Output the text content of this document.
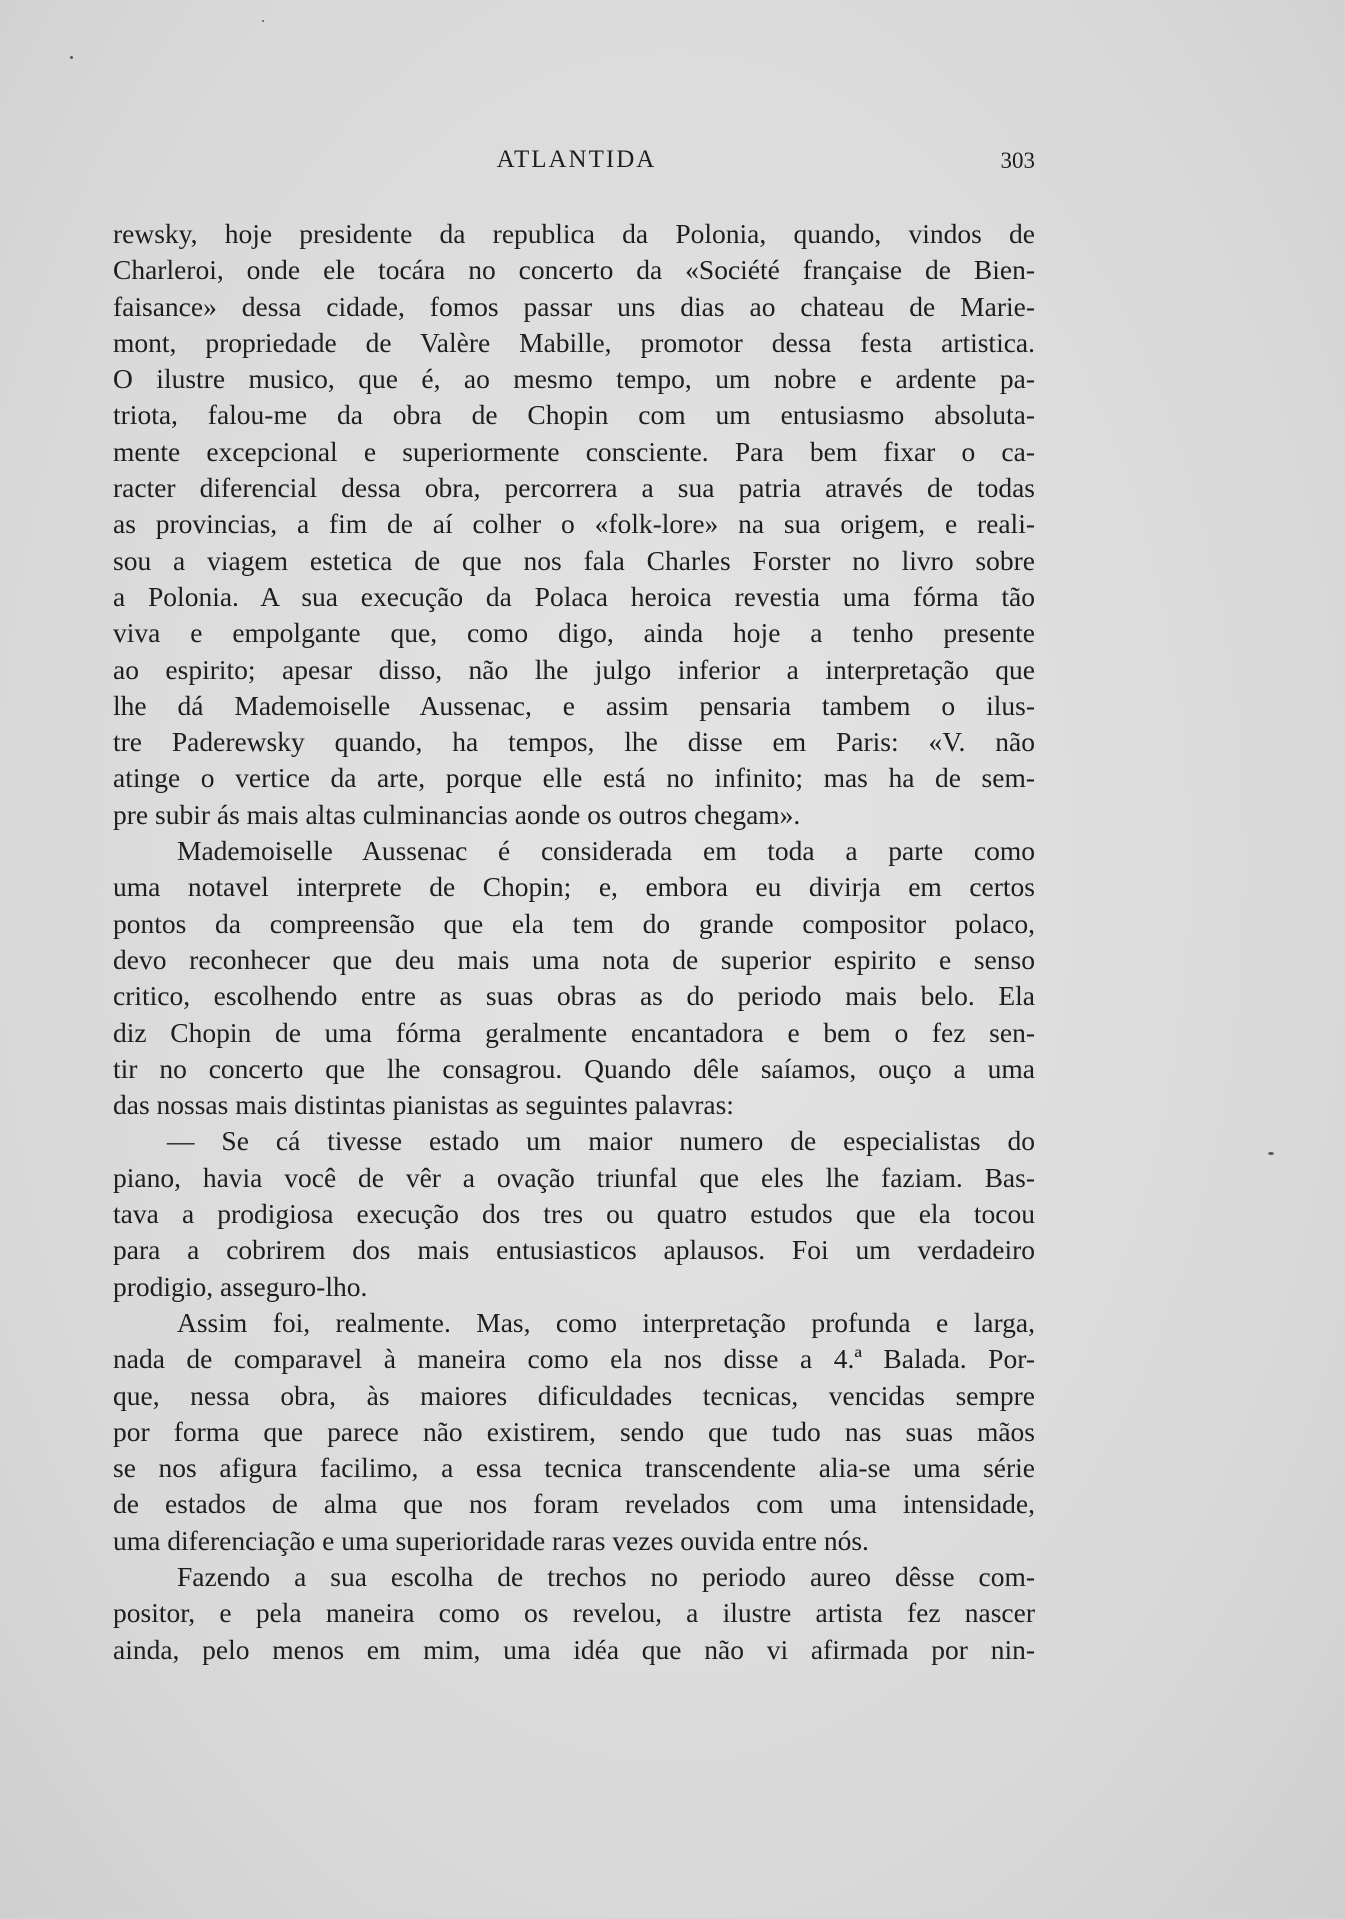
ATLANTIDA	303
rewsky, hoje presidente da republica da Polonia, quando, vindos de
Charleroi, onde ele tocára no concerto da «Société française de Bien-
faisance» dessa cidade, fomos passar uns dias ao chateau de Marie-
mont, propriedade de Valère Mabille, promotor dessa festa artistica.
O ilustre musico, que é, ao mesmo tempo, um nobre e ardente pa-
triota, falou-me da obra de Chopin com um entusiasmo absoluta-
mente excepcional e superiormente consciente. Para bem fixar o ca-
racter diferencial dessa obra, percorrera a sua patria através de todas
as provincias, a fim de aí colher o «folk-lore» na sua origem, e reali-
sou a viagem estetica de que nos fala Charles Forster no livro sobre
a Polonia. A sua execução da Polaca heroica revestia uma fórma tão
viva e empolgante que, como digo, ainda hoje a tenho presente
ao espirito; apesar disso, não lhe julgo inferior a interpretação que
lhe dá Mademoiselle Aussenac, e assim pensaria tambem o ilus-
tre Paderewsky quando, ha tempos, lhe disse em Paris: «V. não
atinge o vertice da arte, porque elle está no infinito; mas ha de sem-
pre subir ás mais altas culminancias aonde os outros chegam».
Mademoiselle Aussenac é considerada em toda a parte como
uma notavel interprete de Chopin; e, embora eu divirja em certos
pontos da compreensão que ela tem do grande compositor polaco,
devo reconhecer que deu mais uma nota de superior espirito e senso
critico, escolhendo entre as suas obras as do periodo mais belo. Ela
diz Chopin de uma fórma geralmente encantadora e bem o fez sen-
tir no concerto que lhe consagrou. Quando dêle saíamos, ouço a uma
das nossas mais distintas pianistas as seguintes palavras:
— Se cá tivesse estado um maior numero de especialistas do
piano, havia você de vêr a ovação triunfal que eles lhe faziam. Bas-
tava a prodigiosa execução dos tres ou quatro estudos que ela tocou
para a cobrirem dos mais entusiasticos aplausos. Foi um verdadeiro
prodigio, asseguro-lho.
Assim foi, realmente. Mas, como interpretação profunda e larga,
nada de comparavel à maneira como ela nos disse a 4.ª Balada. Por-
que, nessa obra, às maiores dificuldades tecnicas, vencidas sempre
por forma que parece não existirem, sendo que tudo nas suas mãos
se nos afigura facilimo, a essa tecnica transcendente alia-se uma série
de estados de alma que nos foram revelados com uma intensidade,
uma diferenciação e uma superioridade raras vezes ouvida entre nós.
Fazendo a sua escolha de trechos no periodo aureo dêsse com-
positor, e pela maneira como os revelou, a ilustre artista fez nascer
ainda, pelo menos em mim, uma idéa que não vi afirmada por nin-
